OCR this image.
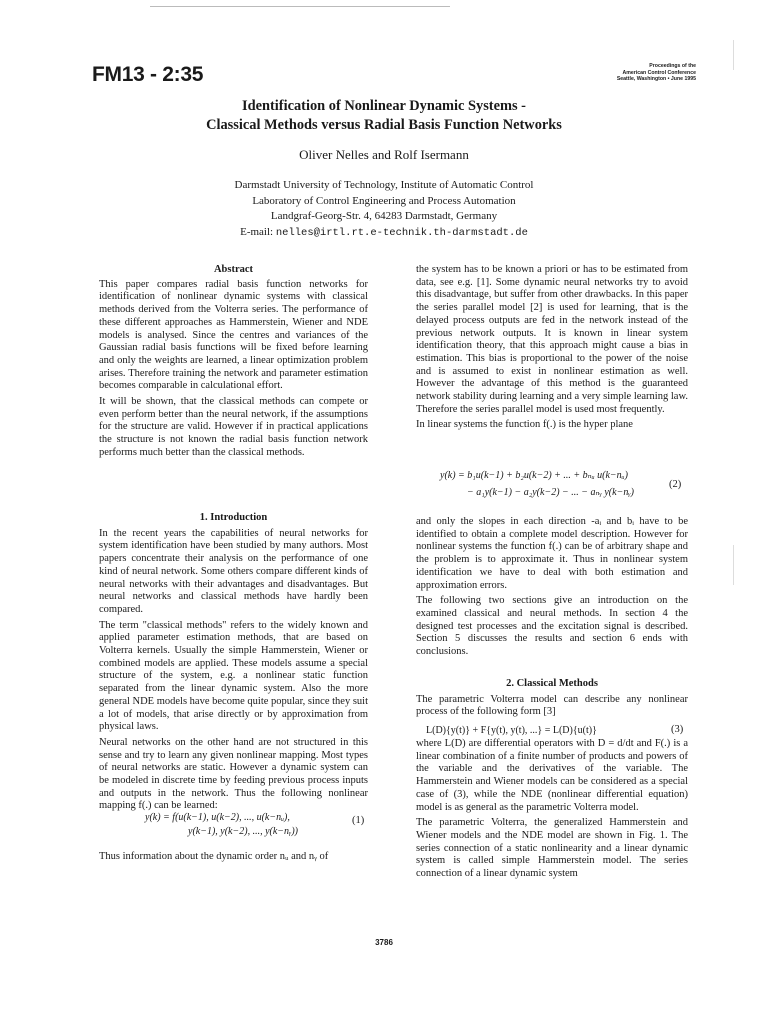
FM13 - 2:35	Proceedings of the
American Control Conference
Seattle, Washington • June 1995
Identification of Nonlinear Dynamic Systems -
Classical Methods versus Radial Basis Function Networks
Oliver Nelles and Rolf Isermann
Darmstadt University of Technology, Institute of Automatic Control
Laboratory of Control Engineering and Process Automation
Landgraf-Georg-Str. 4, 64283 Darmstadt, Germany
E-mail: nelles@irtl.rt.e-technik.th-darmstadt.de
Abstract

This paper compares radial basis function networks for identification of nonlinear dynamic systems with classical methods derived from the Volterra series. The performance of these different approaches as Hammerstein, Wiener and NDE models is analysed. Since the centres and variances of the Gaussian radial basis functions will be fixed before learning and only the weights are learned, a linear optimization problem arises. Therefore training the network and parameter estimation becomes comparable in calculational effort.

It will be shown, that the classical methods can compete or even perform better than the neural network, if the assumptions for the structure are valid. However if in practical applications the structure is not known the radial basis function network performs much better than the classical methods.

1. Introduction

In the recent years the capabilities of neural networks for system identification have been studied by many authors. Most papers concentrate their analysis on the performance of one kind of neural network. Some others compare different kinds of neural networks with their advantages and disadvantages. But neural networks and classical methods have hardly been compared.

The term "classical methods" refers to the widely known and applied parameter estimation methods, that are based on Volterra kernels. Usually the simple Hammerstein, Wiener or combined models are applied. These models assume a special structure of the system, e.g. a nonlinear static function separated from the linear dynamic system. Also the more general NDE models have become quite popular, since they suit a lot of models, that arise directly or by approximation from physical laws.

Neural networks on the other hand are not structured in this sense and try to learn any given nonlinear mapping. Most types of neural networks are static. However a dynamic system can be modeled in discrete time by feeding previous process inputs and outputs in the network. Thus the following nonlinear mapping f(.) can be learned:

y(k) = f(u(k−1), u(k−2), ..., u(k−nᵤ),
y(k−1), y(k−2), ..., y(k−nᵧ))
(1)
Thus information about the dynamic order nᵤ and nᵧ of

the system has to be known a priori or has to be estimated from data, see e.g. [1]. Some dynamic neural networks try to avoid this disadvantage, but suffer from other drawbacks. In this paper the series parallel model [2] is used for learning, that is the delayed process outputs are fed in the network instead of the previous network outputs. It is known in linear system identification theory, that this approach might cause a bias in estimation. This bias is proportional to the power of the noise and is assumed to exist in nonlinear estimation as well. However the advantage of this method is the guaranteed network stability during learning and a very simple learning law. Therefore the series parallel model is used most frequently.

In linear systems the function f(.) is the hyper plane

y(k) = b₁u(k−1) + b₂u(k−2) + ... + bₙᵤ u(k−nᵤ)
− a₁y(k−1) − a₂y(k−2) − ... − aₙᵧ y(k−nᵧ)
(2)

and only the slopes in each direction -aᵢ and bᵢ have to be identified to obtain a complete model description. However for nonlinear systems the function f(.) can be of arbitrary shape and the problem is to approximate it. Thus in nonlinear system identification we have to deal with both estimation and approximation errors.

The following two sections give an introduction on the examined classical and neural methods. In section 4 the designed test processes and the excitation signal is described. Section 5 discusses the results and section 6 ends with conclusions.

2. Classical Methods

The parametric Volterra model can describe any nonlinear process of the following form [3]

L(D){y(t)} + F{y(t), y(t), ...} = L(D){u(t)}	(3)

where L(D) are differential operators with D = d/dt and F(.) is a linear combination of a finite number of products and powers of the variable and the derivatives of the variable. The Hammerstein and Wiener models can be considered as a special case of (3), while the NDE (nonlinear differential equation) model is as general as the parametric Volterra model.

The parametric Volterra, the generalized Hammerstein and Wiener models and the NDE model are shown in Fig. 1. The series connection of a static nonlinearity and a linear dynamic system is called simple Hammerstein model. The series connection of a linear dynamic system

3786
